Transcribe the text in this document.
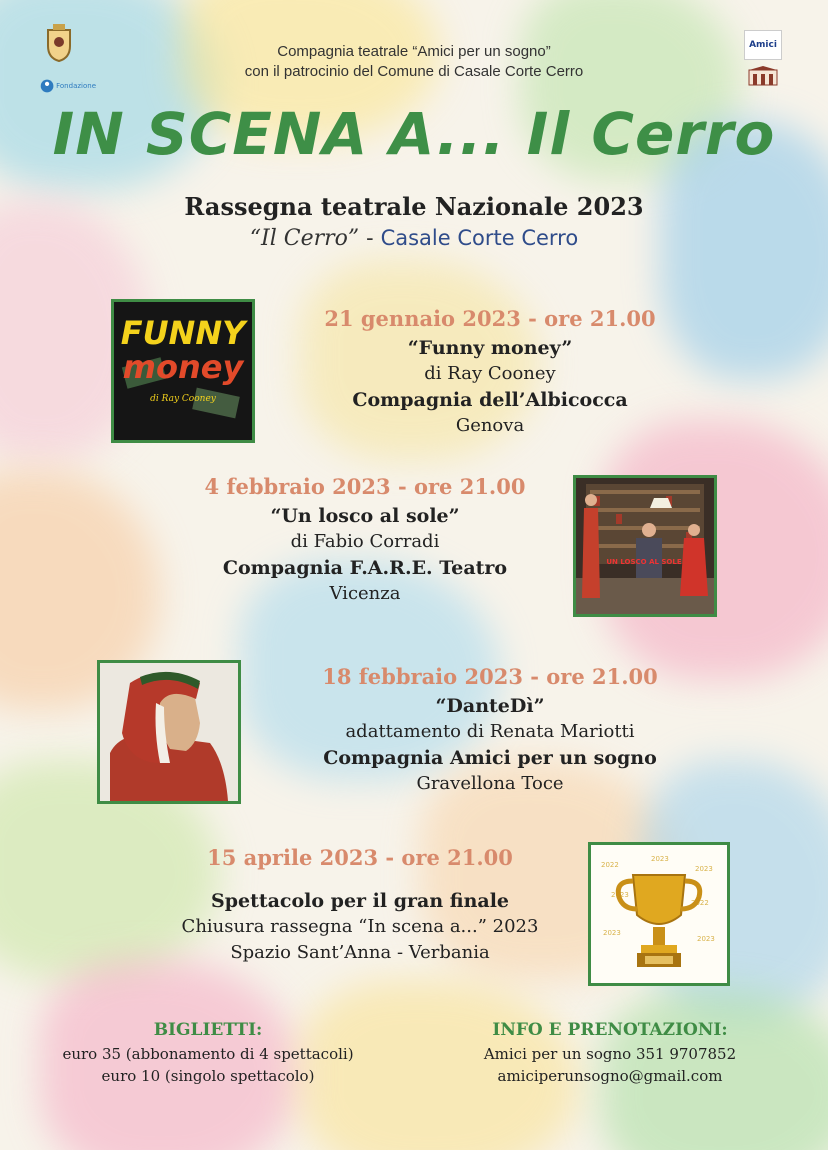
Fondazione
Amici
Compagnia teatrale “Amici per un sogno”
con il patrocinio del Comune di Casale Corte Cerro
IN SCENA A... Il Cerro
Rassegna teatrale Nazionale 2023
“Il Cerro” - Casale Corte Cerro
FUNNY
money
di Ray Cooney
21 gennaio 2023 - ore 21.00
“Funny money”
di Ray Cooney
Compagnia dell’Albicocca
Genova
4 febbraio 2023 - ore 21.00
“Un losco al sole”
di Fabio Corradi
Compagnia F.A.R.E. Teatro
Vicenza
UN LOSCO AL SOLE
18 febbraio 2023 - ore 21.00
“DanteDì”
adattamento di Renata Mariotti
Compagnia Amici per un sogno
Gravellona Toce
15 aprile 2023 - ore 21.00
Spettacolo per il gran finale
Chiusura rassegna “In scena a...” 2023
Spazio Sant’Anna - Verbania
2022	2023
2023
2022
2023
2023
2023
BIGLIETTI:
euro 35 (abbonamento di 4 spettacoli)
euro 10 (singolo spettacolo)
INFO E PRENOTAZIONI:
Amici per un sogno 351 9707852
amiciperunsogno@gmail.com
